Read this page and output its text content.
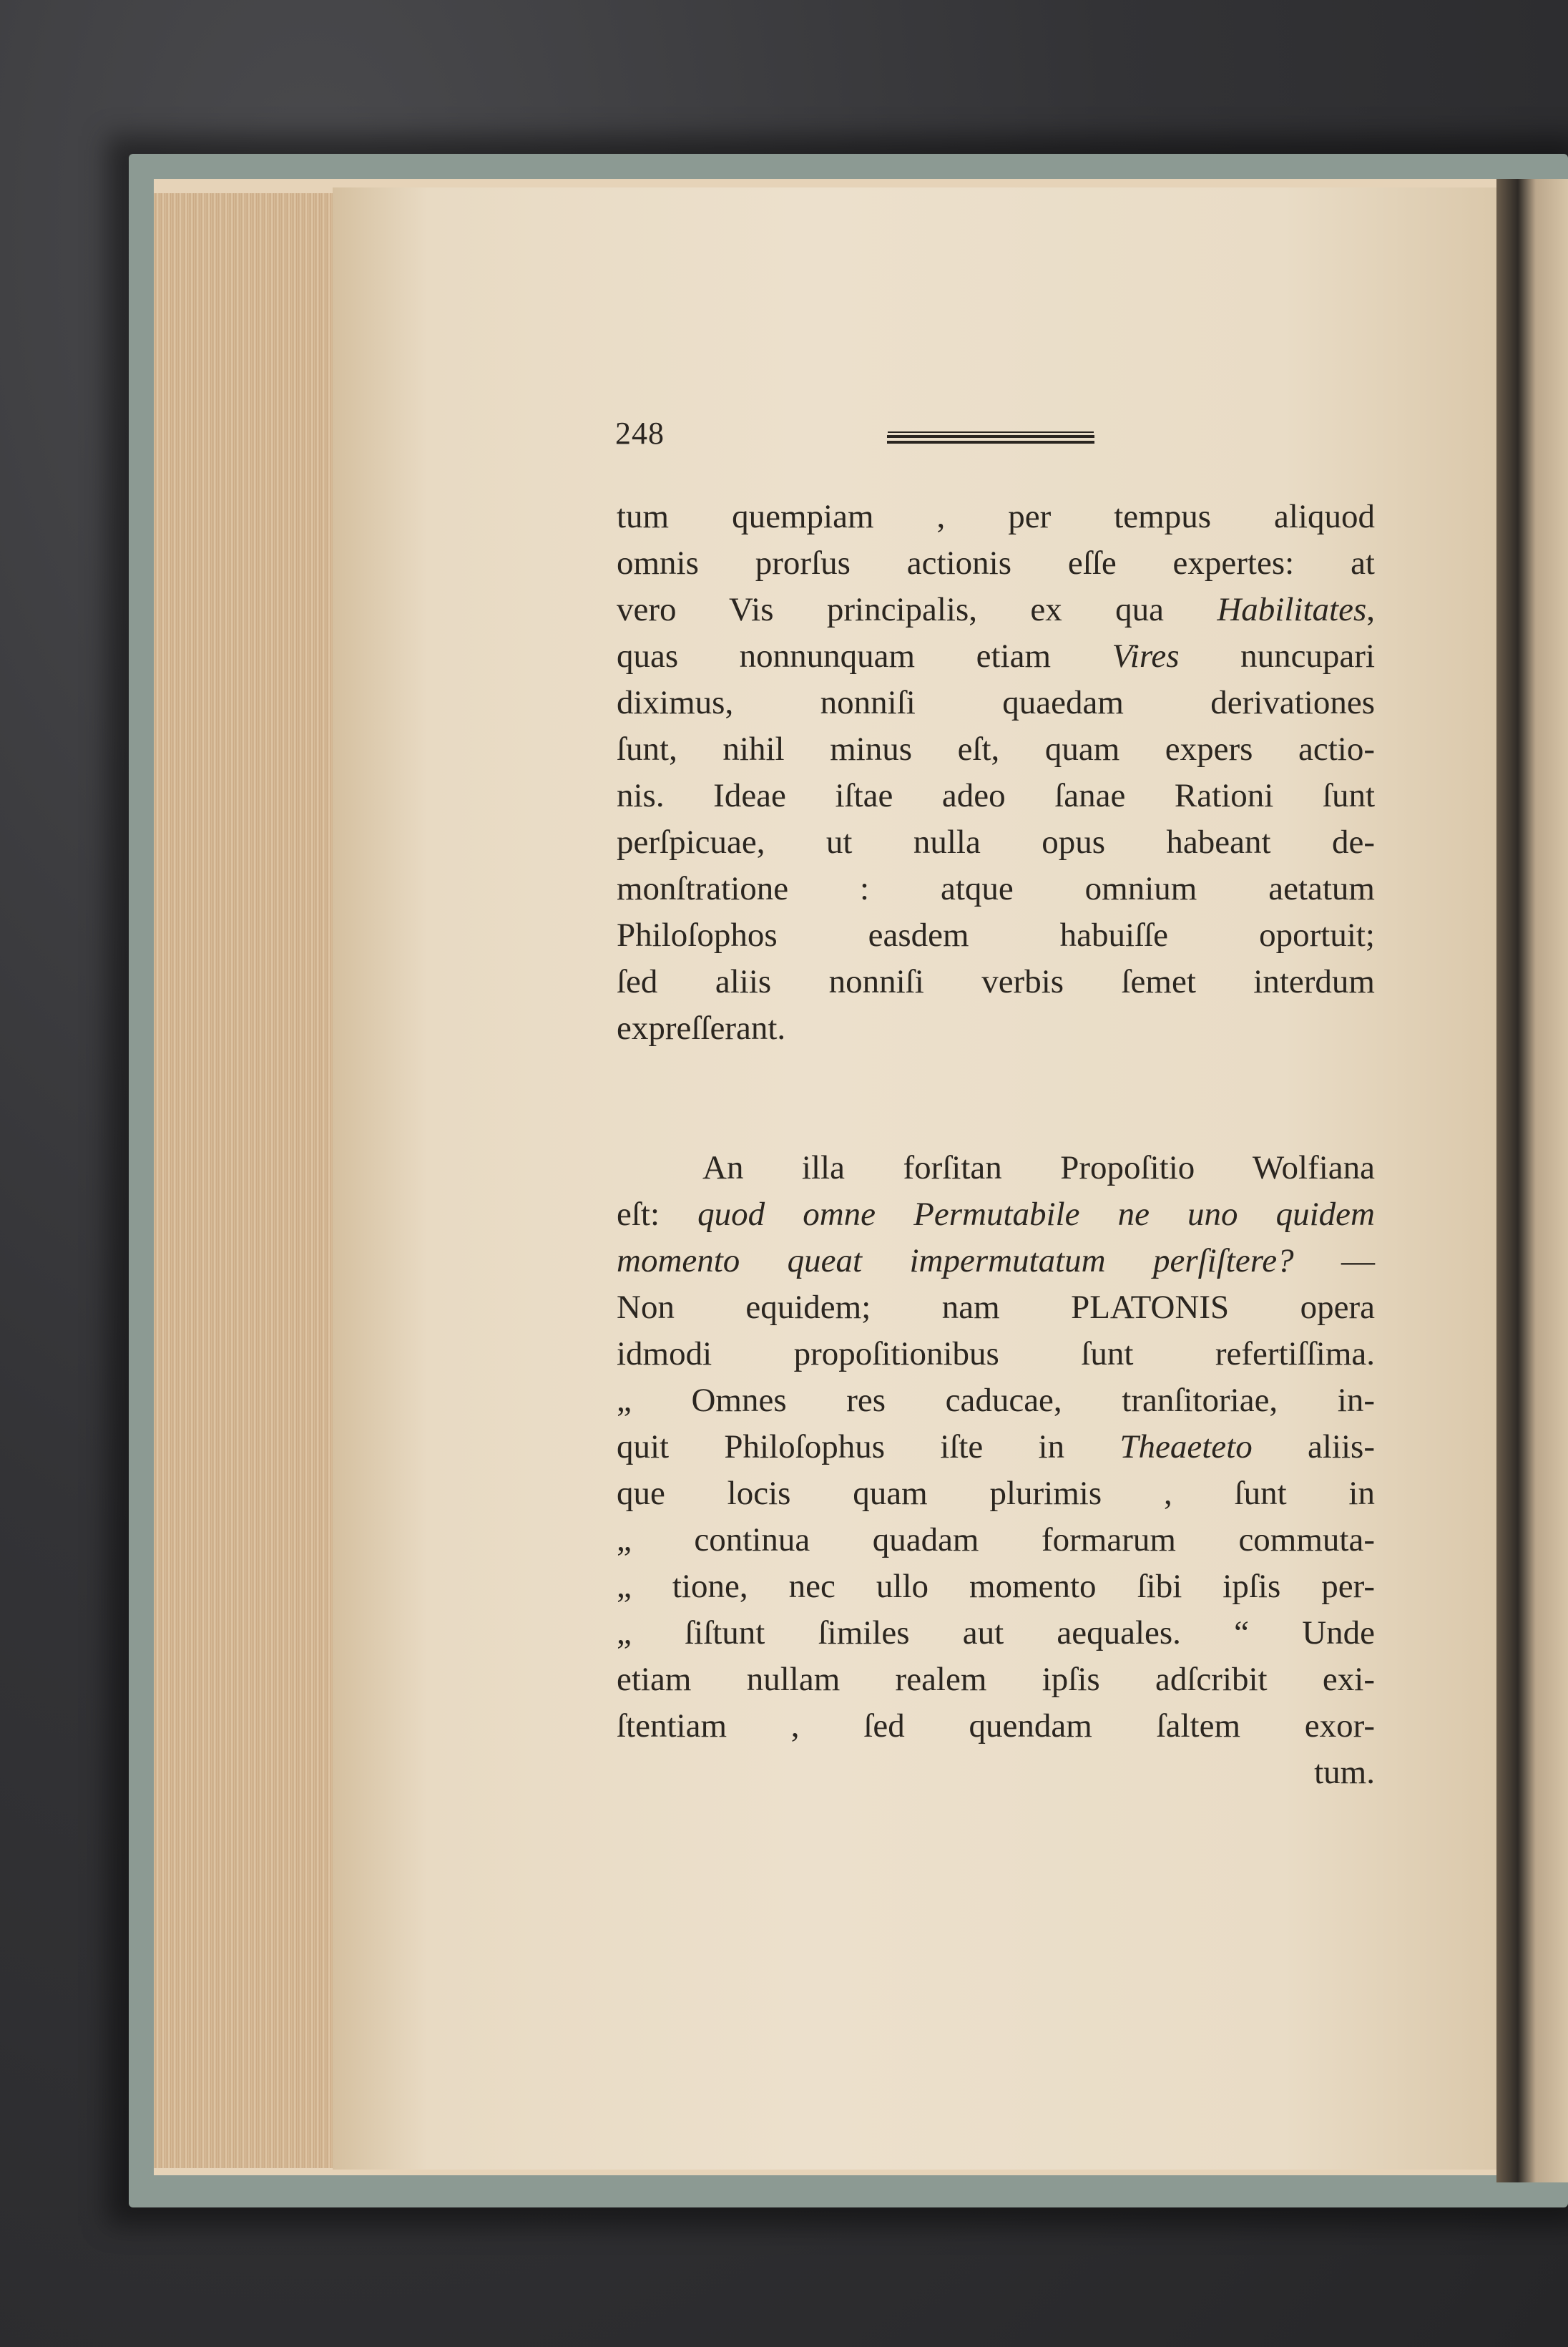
248
tum quempiam , per tempus aliquod
omnis prorſus actionis eſſe expertes: at
vero Vis principalis, ex qua Habilitates,
quas nonnunquam etiam Vires nuncupari
diximus, nonniſi quaedam derivationes
ſunt, nihil minus eſt, quam expers actio-
nis. Ideae iſtae adeo ſanae Rationi ſunt
perſpicuae, ut nulla opus habeant de-
monſtratione : atque omnium aetatum
Philoſophos easdem habuiſſe oportuit;
ſed aliis nonniſi verbis ſemet interdum
expreſſerant.
An illa forſitan Propoſitio Wolfiana
eſt: quod omne Permutabile ne uno quidem
momento queat impermutatum perſiſtere? —
Non equidem; nam PLATONIS opera
idmodi propoſitionibus ſunt refertiſſima.
„ Omnes res caducae, tranſitoriae, in-
quit Philoſophus iſte in Theaeteto aliis-
que locis quam plurimis , ſunt in
„ continua quadam formarum commuta-
„ tione, nec ullo momento ſibi ipſis per-
„ ſiſtunt ſimiles aut aequales. “ Unde
etiam nullam realem ipſis adſcribit exi-
ſtentiam , ſed quendam ſaltem exor-
tum.
